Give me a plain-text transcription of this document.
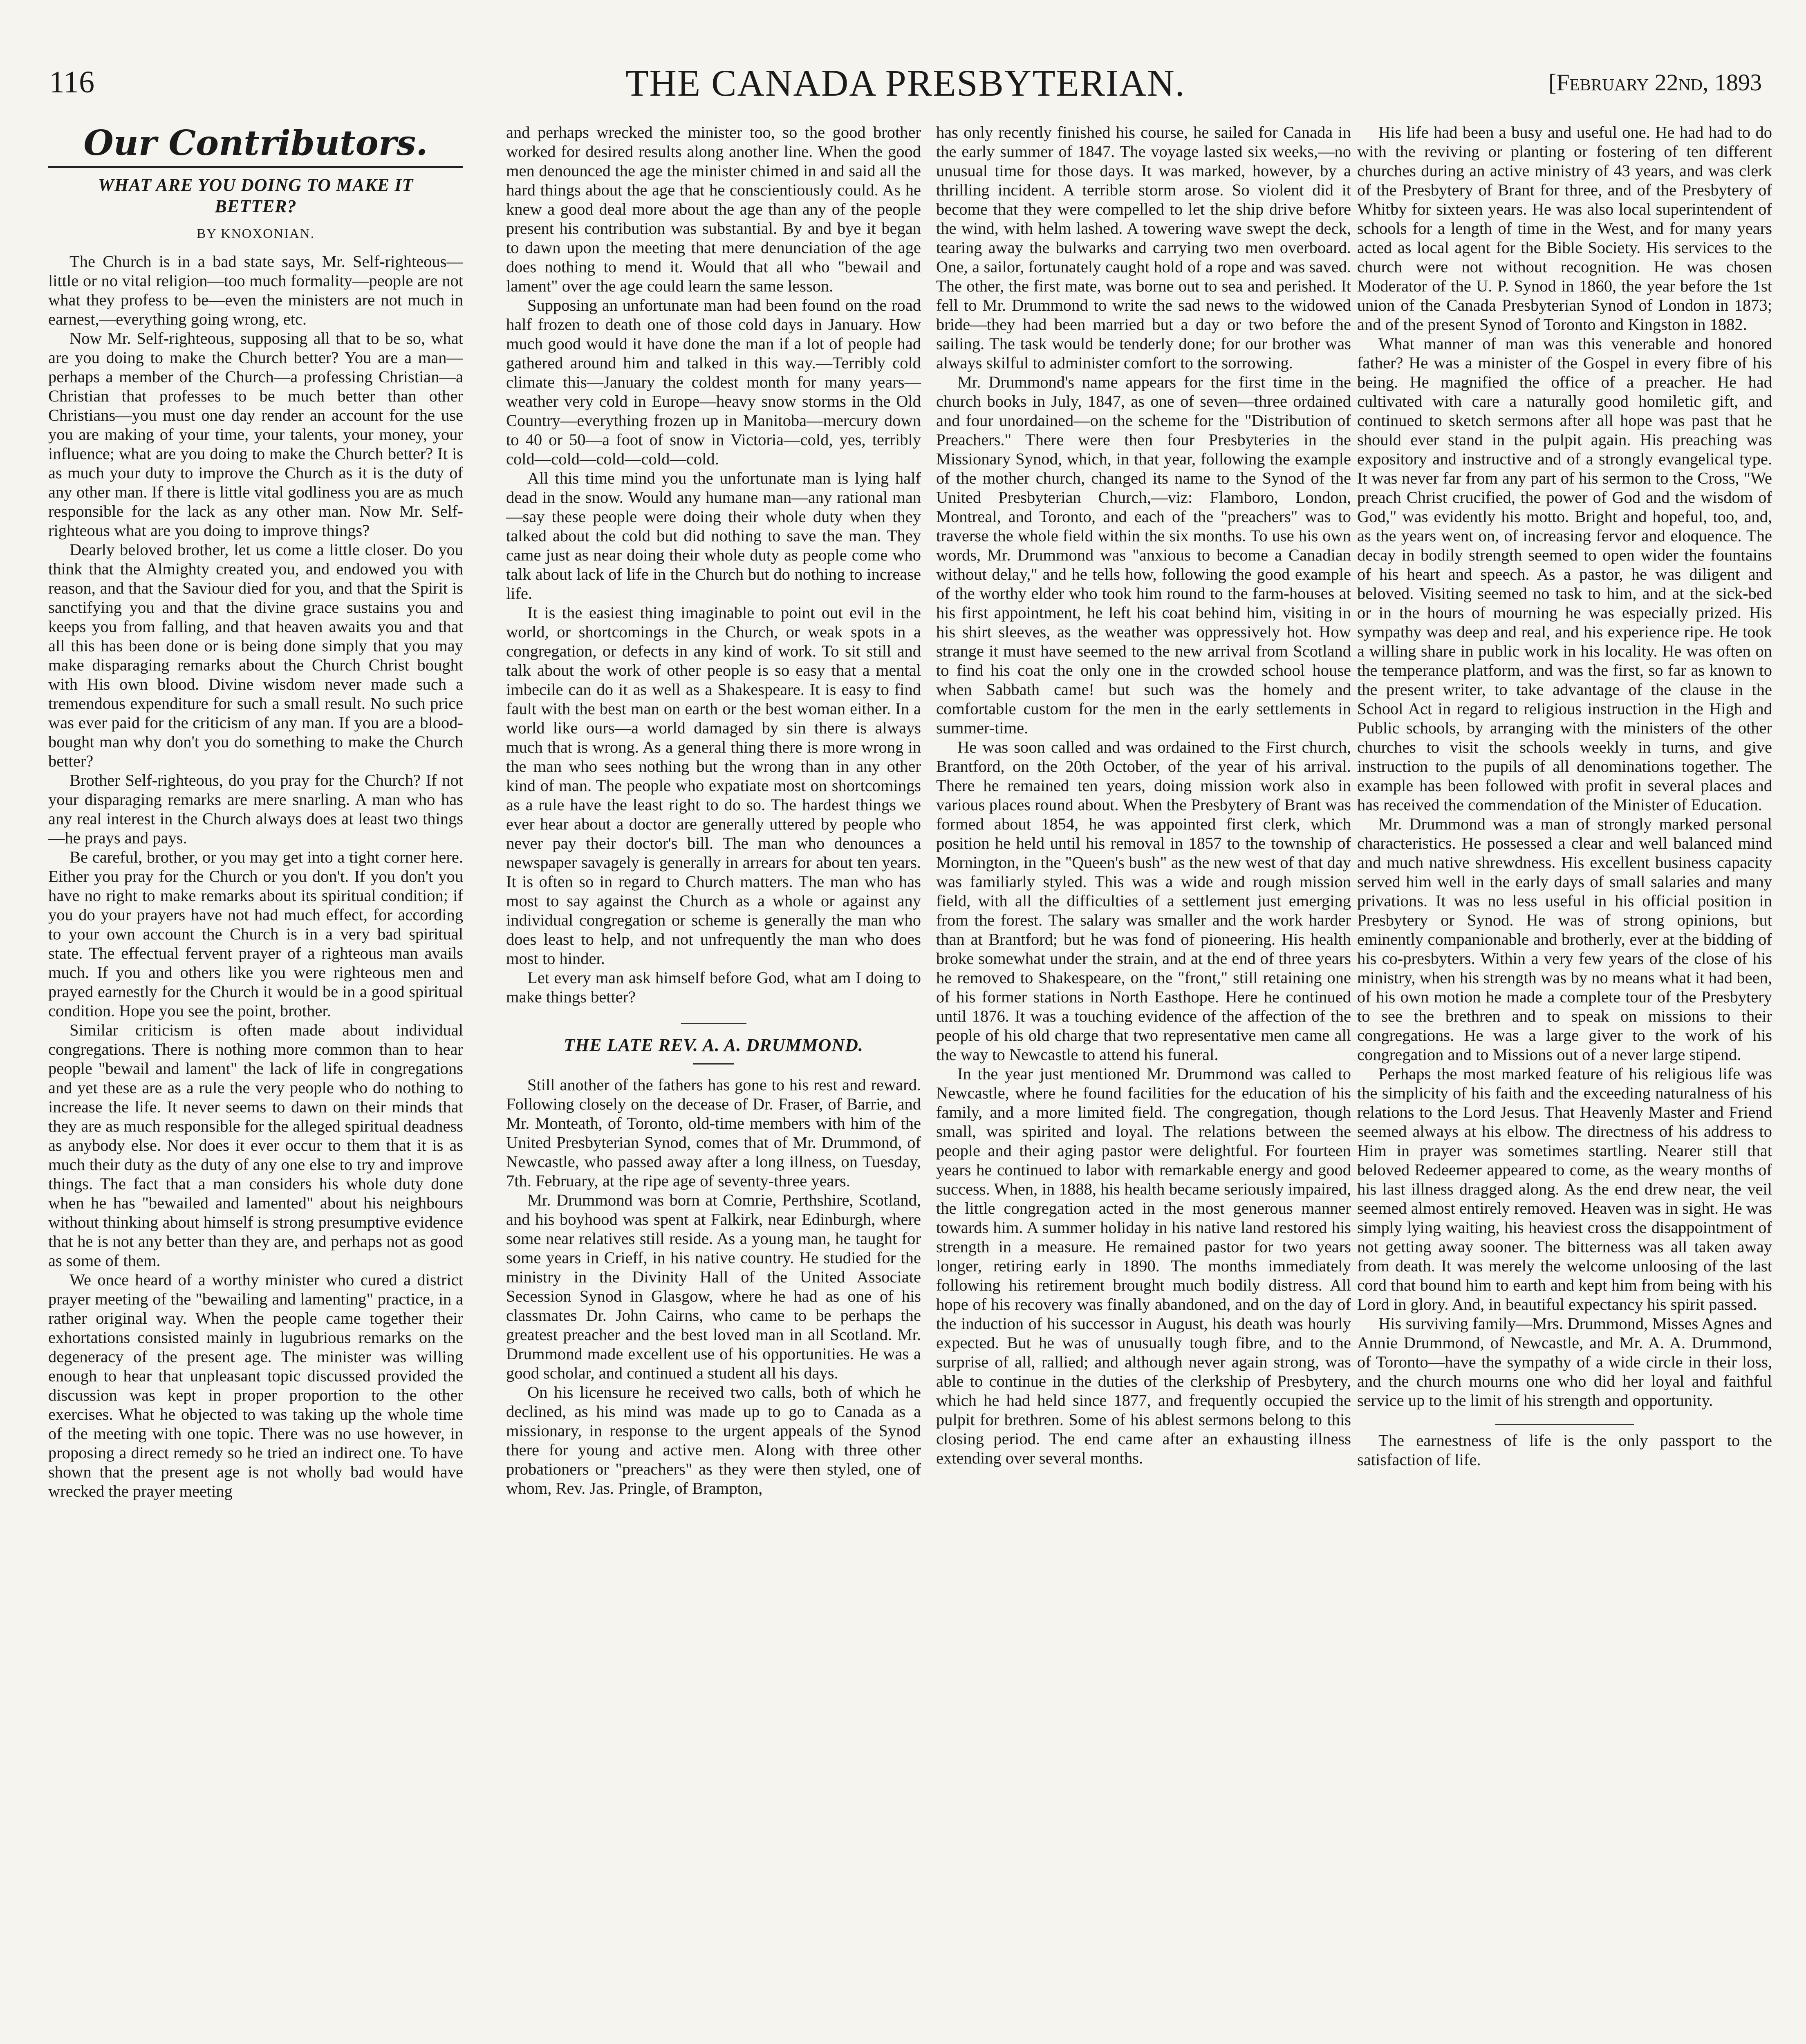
116	THE CANADA PRESBYTERIAN.	[February 22nd, 1893
Our Contributors.
WHAT ARE YOU DOING TO MAKE IT BETTER?
BY KNOXONIAN.

The Church is in a bad state says, Mr. Self-righteous—little or no vital religion—too much formality—people are not what they profess to be—even the ministers are not much in earnest,—everything going wrong, etc.

Now Mr. Self-righteous, supposing all that to be so, what are you doing to make the Church better? You are a man—perhaps a member of the Church—a professing Christian—a Christian that professes to be much better than other Christians—you must one day render an account for the use you are making of your time, your talents, your money, your influence; what are you doing to make the Church better? It is as much your duty to improve the Church as it is the duty of any other man. If there is little vital godliness you are as much responsible for the lack as any other man. Now Mr. Self-righteous what are you doing to improve things?

Dearly beloved brother, let us come a little closer. Do you think that the Almighty created you, and endowed you with reason, and that the Saviour died for you, and that the Spirit is sanctifying you and that the divine grace sustains you and keeps you from falling, and that heaven awaits you and that all this has been done or is being done simply that you may make disparaging remarks about the Church Christ bought with His own blood. Divine wisdom never made such a tremendous expenditure for such a small result. No such price was ever paid for the criticism of any man. If you are a blood-bought man why don't you do something to make the Church better?

Brother Self-righteous, do you pray for the Church? If not your disparaging remarks are mere snarling. A man who has any real interest in the Church always does at least two things—he prays and pays.

Be careful, brother, or you may get into a tight corner here. Either you pray for the Church or you don't. If you don't you have no right to make remarks about its spiritual condition; if you do your prayers have not had much effect, for according to your own account the Church is in a very bad spiritual state. The effectual fervent prayer of a righteous man avails much. If you and others like you were righteous men and prayed earnestly for the Church it would be in a good spiritual condition. Hope you see the point, brother.

Similar criticism is often made about individual congregations. There is nothing more common than to hear people "bewail and lament" the lack of life in congregations and yet these are as a rule the very people who do nothing to increase the life. It never seems to dawn on their minds that they are as much responsible for the alleged spiritual deadness as anybody else. Nor does it ever occur to them that it is as much their duty as the duty of any one else to try and improve things. The fact that a man considers his whole duty done when he has "bewailed and lamented" about his neighbours without thinking about himself is strong presumptive evidence that he is not any better than they are, and perhaps not as good as some of them.

We once heard of a worthy minister who cured a district prayer meeting of the "bewailing and lamenting" practice, in a rather original way. When the people came together their exhortations consisted mainly in lugubrious remarks on the degeneracy of the present age. The minister was willing enough to hear that unpleasant topic discussed provided the discussion was kept in proper proportion to the other exercises. What he objected to was taking up the whole time of the meeting with one topic. There was no use however, in proposing a direct remedy so he tried an indirect one. To have shown that the present age is not wholly bad would have wrecked the prayer meeting

and perhaps wrecked the minister too, so the good brother worked for desired results along another line. When the good men denounced the age the minister chimed in and said all the hard things about the age that he conscientiously could. As he knew a good deal more about the age than any of the people present his contribution was substantial. By and bye it began to dawn upon the meeting that mere denunciation of the age does nothing to mend it. Would that all who "bewail and lament" over the age could learn the same lesson.

Supposing an unfortunate man had been found on the road half frozen to death one of those cold days in January. How much good would it have done the man if a lot of people had gathered around him and talked in this way.—Terribly cold climate this—January the coldest month for many years—weather very cold in Europe—heavy snow storms in the Old Country—everything frozen up in Manitoba—mercury down to 40 or 50—a foot of snow in Victoria—cold, yes, terribly cold—cold—cold—cold—cold.

All this time mind you the unfortunate man is lying half dead in the snow. Would any humane man—any rational man—say these people were doing their whole duty when they talked about the cold but did nothing to save the man. They came just as near doing their whole duty as people come who talk about lack of life in the Church but do nothing to increase life.

It is the easiest thing imaginable to point out evil in the world, or shortcomings in the Church, or weak spots in a congregation, or defects in any kind of work. To sit still and talk about the work of other people is so easy that a mental imbecile can do it as well as a Shakespeare. It is easy to find fault with the best man on earth or the best woman either. In a world like ours—a world damaged by sin there is always much that is wrong. As a general thing there is more wrong in the man who sees nothing but the wrong than in any other kind of man. The people who expatiate most on shortcomings as a rule have the least right to do so. The hardest things we ever hear about a doctor are generally uttered by people who never pay their doctor's bill. The man who denounces a newspaper savagely is generally in arrears for about ten years. It is often so in regard to Church matters. The man who has most to say against the Church as a whole or against any individual congregation or scheme is generally the man who does least to help, and not unfrequently the man who does most to hinder.

Let every man ask himself before God, what am I doing to make things better?

THE LATE REV. A. A. DRUMMOND.

Still another of the fathers has gone to his rest and reward. Following closely on the decease of Dr. Fraser, of Barrie, and Mr. Monteath, of Toronto, old-time members with him of the United Presbyterian Synod, comes that of Mr. Drummond, of Newcastle, who passed away after a long illness, on Tuesday, 7th. February, at the ripe age of seventy-three years.

Mr. Drummond was born at Comrie, Perthshire, Scotland, and his boyhood was spent at Falkirk, near Edinburgh, where some near relatives still reside. As a young man, he taught for some years in Crieff, in his native country. He studied for the ministry in the Divinity Hall of the United Associate Secession Synod in Glasgow, where he had as one of his classmates Dr. John Cairns, who came to be perhaps the greatest preacher and the best loved man in all Scotland. Mr. Drummond made excellent use of his opportunities. He was a good scholar, and continued a student all his days.

On his licensure he received two calls, both of which he declined, as his mind was made up to go to Canada as a missionary, in response to the urgent appeals of the Synod there for young and active men. Along with three other probationers or "preachers" as they were then styled, one of whom, Rev. Jas. Pringle, of Brampton,

has only recently finished his course, he sailed for Canada in the early summer of 1847. The voyage lasted six weeks,—no unusual time for those days. It was marked, however, by a thrilling incident. A terrible storm arose. So violent did it become that they were compelled to let the ship drive before the wind, with helm lashed. A towering wave swept the deck, tearing away the bulwarks and carrying two men overboard. One, a sailor, fortunately caught hold of a rope and was saved. The other, the first mate, was borne out to sea and perished. It fell to Mr. Drummond to write the sad news to the widowed bride—they had been married but a day or two before the sailing. The task would be tenderly done; for our brother was always skilful to administer comfort to the sorrowing.

Mr. Drummond's name appears for the first time in the church books in July, 1847, as one of seven—three ordained and four unordained—on the scheme for the "Distribution of Preachers." There were then four Presbyteries in the Missionary Synod, which, in that year, following the example of the mother church, changed its name to the Synod of the United Presbyterian Church,—viz: Flamboro, London, Montreal, and Toronto, and each of the "preachers" was to traverse the whole field within the six months. To use his own words, Mr. Drummond was "anxious to become a Canadian without delay," and he tells how, following the good example of the worthy elder who took him round to the farm-houses at his first appointment, he left his coat behind him, visiting in his shirt sleeves, as the weather was oppressively hot. How strange it must have seemed to the new arrival from Scotland to find his coat the only one in the crowded school house when Sabbath came! but such was the homely and comfortable custom for the men in the early settlements in summer-time.

He was soon called and was ordained to the First church, Brantford, on the 20th October, of the year of his arrival. There he remained ten years, doing mission work also in various places round about. When the Presbytery of Brant was formed about 1854, he was appointed first clerk, which position he held until his removal in 1857 to the township of Mornington, in the "Queen's bush" as the new west of that day was familiarly styled. This was a wide and rough mission field, with all the difficulties of a settlement just emerging from the forest. The salary was smaller and the work harder than at Brantford; but he was fond of pioneering. His health broke somewhat under the strain, and at the end of three years he removed to Shakespeare, on the "front," still retaining one of his former stations in North Easthope. Here he continued until 1876. It was a touching evidence of the affection of the people of his old charge that two representative men came all the way to Newcastle to attend his funeral.

In the year just mentioned Mr. Drummond was called to Newcastle, where he found facilities for the education of his family, and a more limited field. The congregation, though small, was spirited and loyal. The relations between the people and their aging pastor were delightful. For fourteen years he continued to labor with remarkable energy and good success. When, in 1888, his health became seriously impaired, the little congregation acted in the most generous manner towards him. A summer holiday in his native land restored his strength in a measure. He remained pastor for two years longer, retiring early in 1890. The months immediately following his retirement brought much bodily distress. All hope of his recovery was finally abandoned, and on the day of the induction of his successor in August, his death was hourly expected. But he was of unusually tough fibre, and to the surprise of all, rallied; and although never again strong, was able to continue in the duties of the clerkship of Presbytery, which he had held since 1877, and frequently occupied the pulpit for brethren. Some of his ablest sermons belong to this closing period. The end came after an exhausting illness extending over several months.

His life had been a busy and useful one. He had had to do with the reviving or planting or fostering of ten different churches during an active ministry of 43 years, and was clerk of the Presbytery of Brant for three, and of the Presbytery of Whitby for sixteen years. He was also local superintendent of schools for a length of time in the West, and for many years acted as local agent for the Bible Society. His services to the church were not without recognition. He was chosen Moderator of the U. P. Synod in 1860, the year before the 1st union of the Canada Presbyterian Synod of London in 1873; and of the present Synod of Toronto and Kingston in 1882.

What manner of man was this venerable and honored father? He was a minister of the Gospel in every fibre of his being. He magnified the office of a preacher. He had cultivated with care a naturally good homiletic gift, and continued to sketch sermons after all hope was past that he should ever stand in the pulpit again. His preaching was expository and instructive and of a strongly evangelical type. It was never far from any part of his sermon to the Cross, "We preach Christ crucified, the power of God and the wisdom of God," was evidently his motto. Bright and hopeful, too, and, as the years went on, of increasing fervor and eloquence. The decay in bodily strength seemed to open wider the fountains of his heart and speech. As a pastor, he was diligent and beloved. Visiting seemed no task to him, and at the sick-bed or in the hours of mourning he was especially prized. His sympathy was deep and real, and his experience ripe. He took a willing share in public work in his locality. He was often on the temperance platform, and was the first, so far as known to the present writer, to take advantage of the clause in the School Act in regard to religious instruction in the High and Public schools, by arranging with the ministers of the other churches to visit the schools weekly in turns, and give instruction to the pupils of all denominations together. The example has been followed with profit in several places and has received the commendation of the Minister of Education.

Mr. Drummond was a man of strongly marked personal characteristics. He possessed a clear and well balanced mind and much native shrewdness. His excellent business capacity served him well in the early days of small salaries and many privations. It was no less useful in his official position in Presbytery or Synod. He was of strong opinions, but eminently companionable and brotherly, ever at the bidding of his co-presbyters. Within a very few years of the close of his ministry, when his strength was by no means what it had been, of his own motion he made a complete tour of the Presbytery to see the brethren and to speak on missions to their congregations. He was a large giver to the work of his congregation and to Missions out of a never large stipend.

Perhaps the most marked feature of his religious life was the simplicity of his faith and the exceeding naturalness of his relations to the Lord Jesus. That Heavenly Master and Friend seemed always at his elbow. The directness of his address to Him in prayer was sometimes startling. Nearer still that beloved Redeemer appeared to come, as the weary months of his last illness dragged along. As the end drew near, the veil seemed almost entirely removed. Heaven was in sight. He was simply lying waiting, his heaviest cross the disappointment of not getting away sooner. The bitterness was all taken away from death. It was merely the welcome unloosing of the last cord that bound him to earth and kept him from being with his Lord in glory. And, in beautiful expectancy his spirit passed.

His surviving family—Mrs. Drummond, Misses Agnes and Annie Drummond, of Newcastle, and Mr. A. A. Drummond, of Toronto—have the sympathy of a wide circle in their loss, and the church mourns one who did her loyal and faithful service up to the limit of his strength and opportunity.

The earnestness of life is the only passport to the satisfaction of life.
